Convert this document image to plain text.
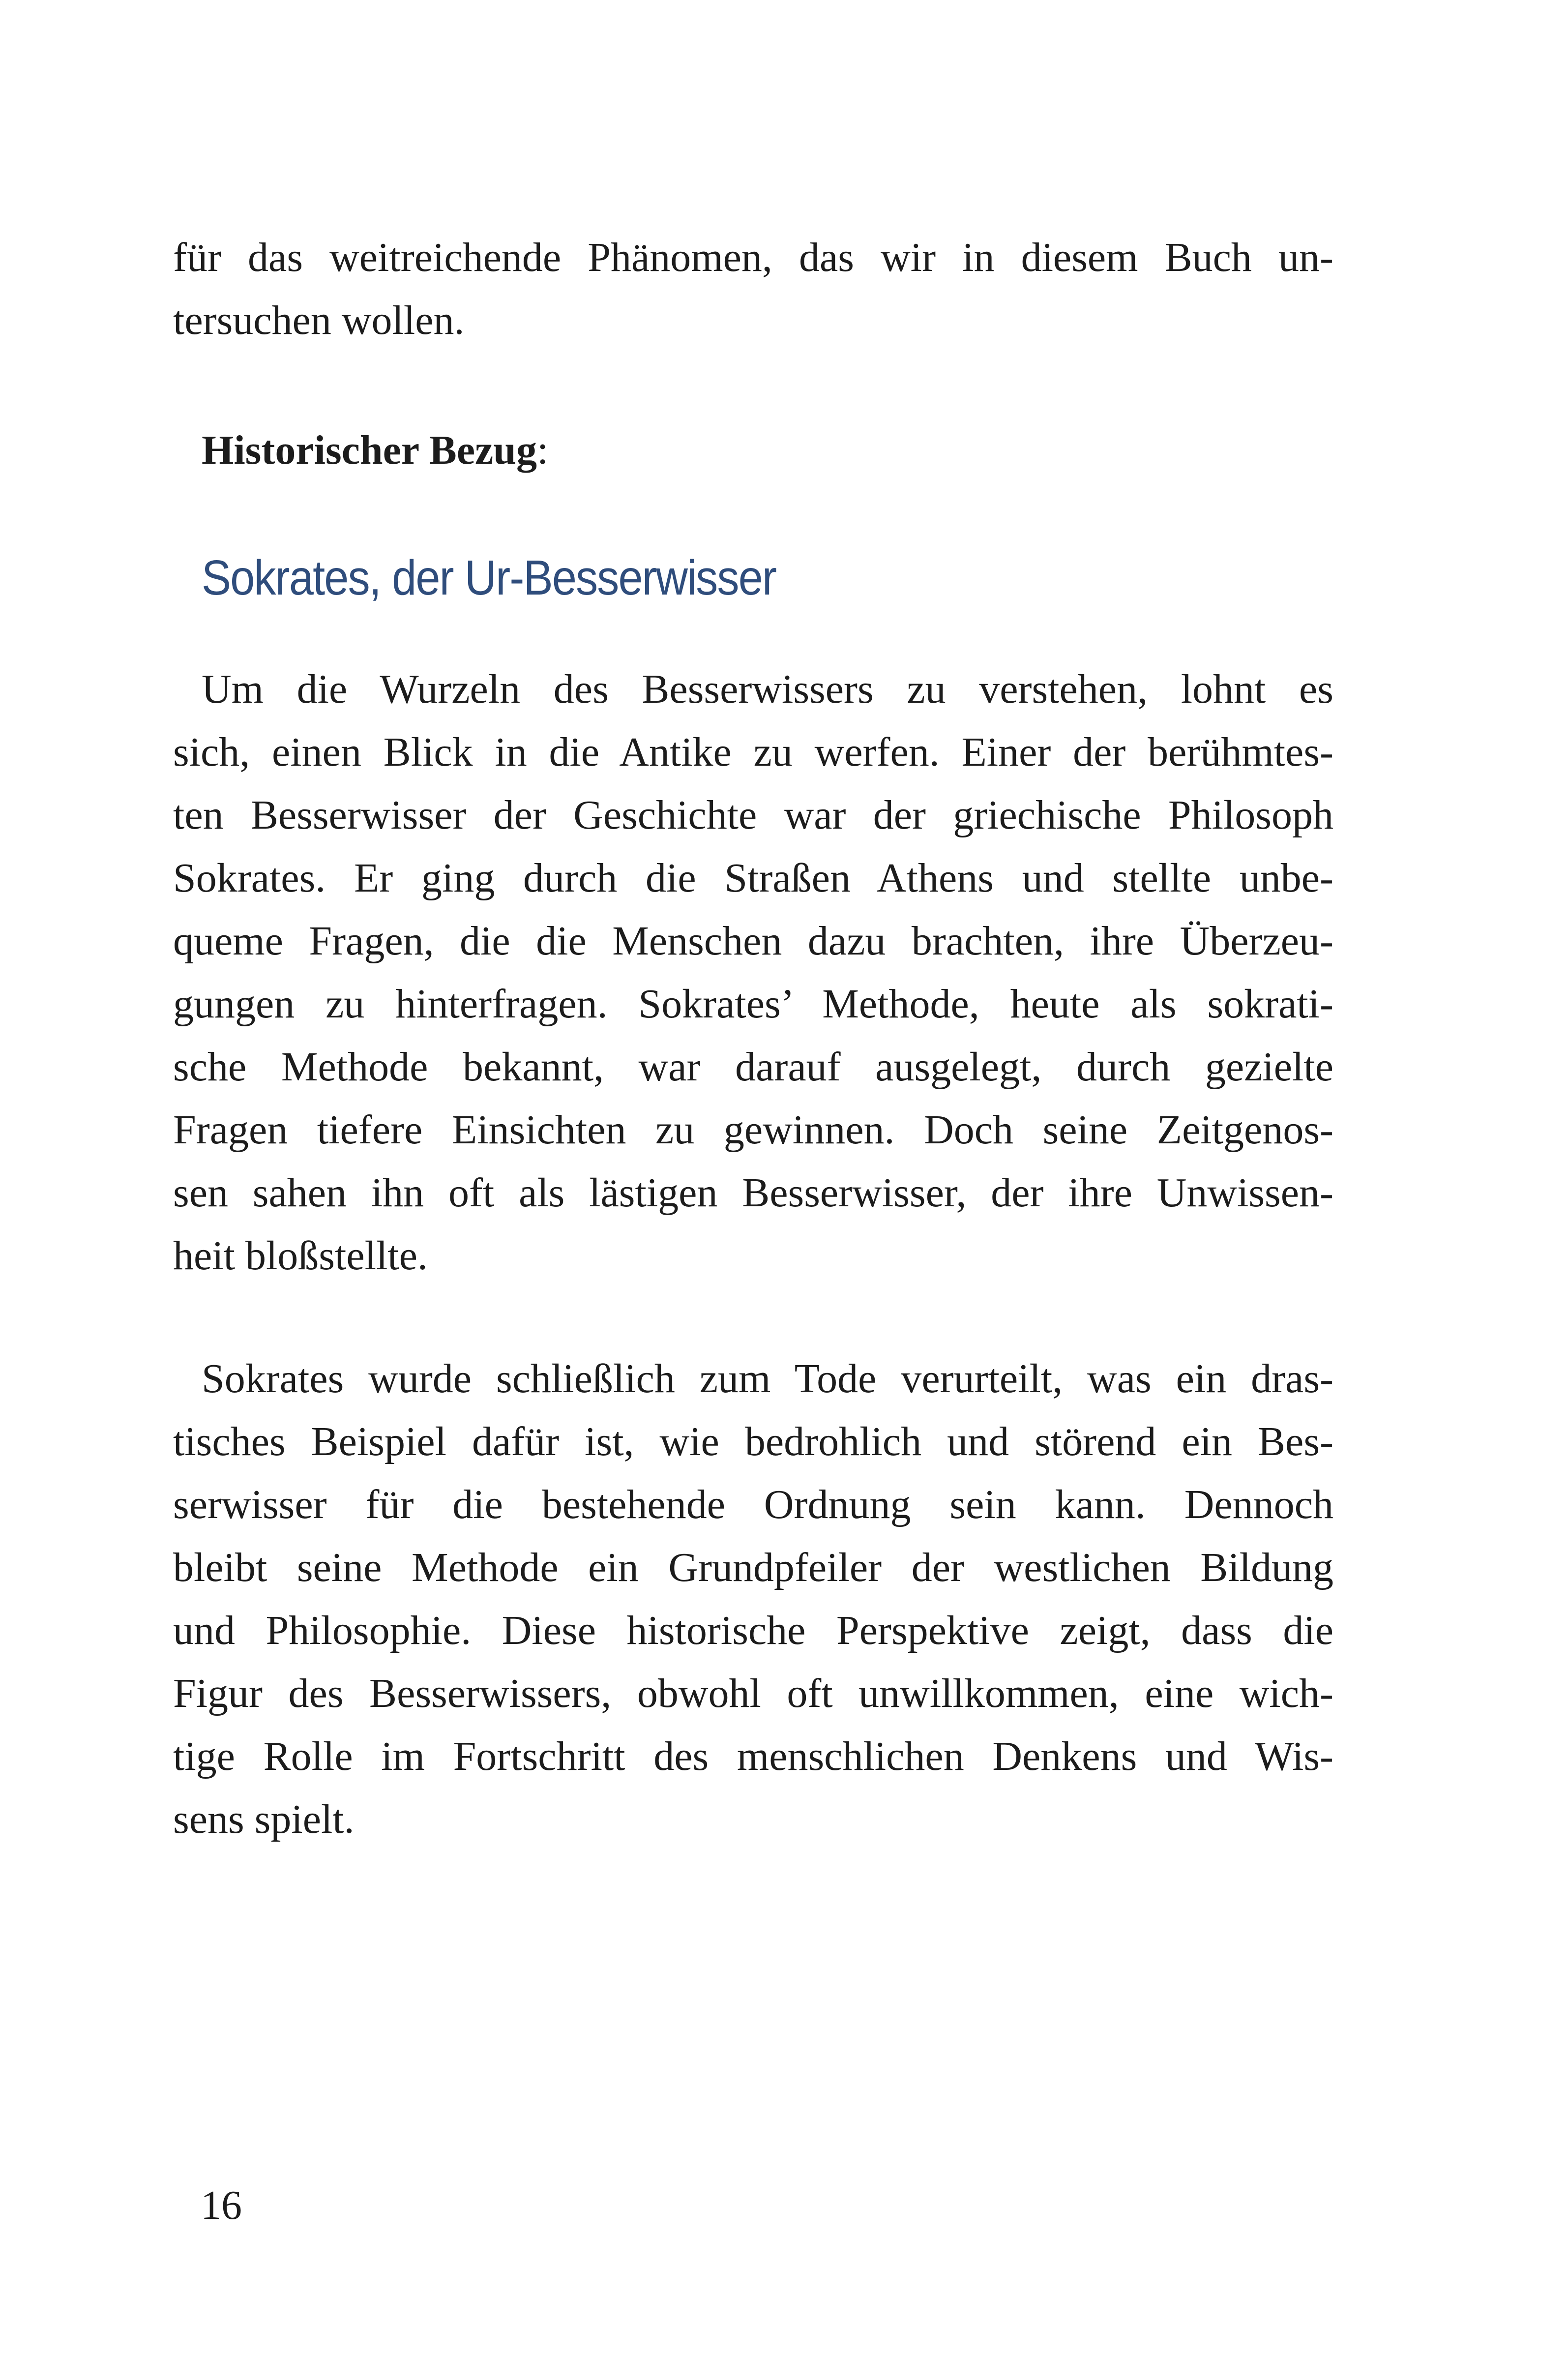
für das weitreichende Phänomen, das wir in diesem Buch un-
tersuchen wollen.

Historischer Bezug:

Sokrates, der Ur-Besserwisser

Um die Wurzeln des Besserwissers zu verstehen, lohnt es
sich, einen Blick in die Antike zu werfen. Einer der berühmtes-
ten Besserwisser der Geschichte war der griechische Philosoph
Sokrates. Er ging durch die Straßen Athens und stellte unbe-
queme Fragen, die die Menschen dazu brachten, ihre Überzeu-
gungen zu hinterfragen. Sokrates’ Methode, heute als sokrati-
sche Methode bekannt, war darauf ausgelegt, durch gezielte
Fragen tiefere Einsichten zu gewinnen. Doch seine Zeitgenos-
sen sahen ihn oft als lästigen Besserwisser, der ihre Unwissen-
heit bloßstellte.

Sokrates wurde schließlich zum Tode verurteilt, was ein dras-
tisches Beispiel dafür ist, wie bedrohlich und störend ein Bes-
serwisser für die bestehende Ordnung sein kann. Dennoch
bleibt seine Methode ein Grundpfeiler der westlichen Bildung
und Philosophie. Diese historische Perspektive zeigt, dass die
Figur des Besserwissers, obwohl oft unwillkommen, eine wich-
tige Rolle im Fortschritt des menschlichen Denkens und Wis-
sens spielt.

16
